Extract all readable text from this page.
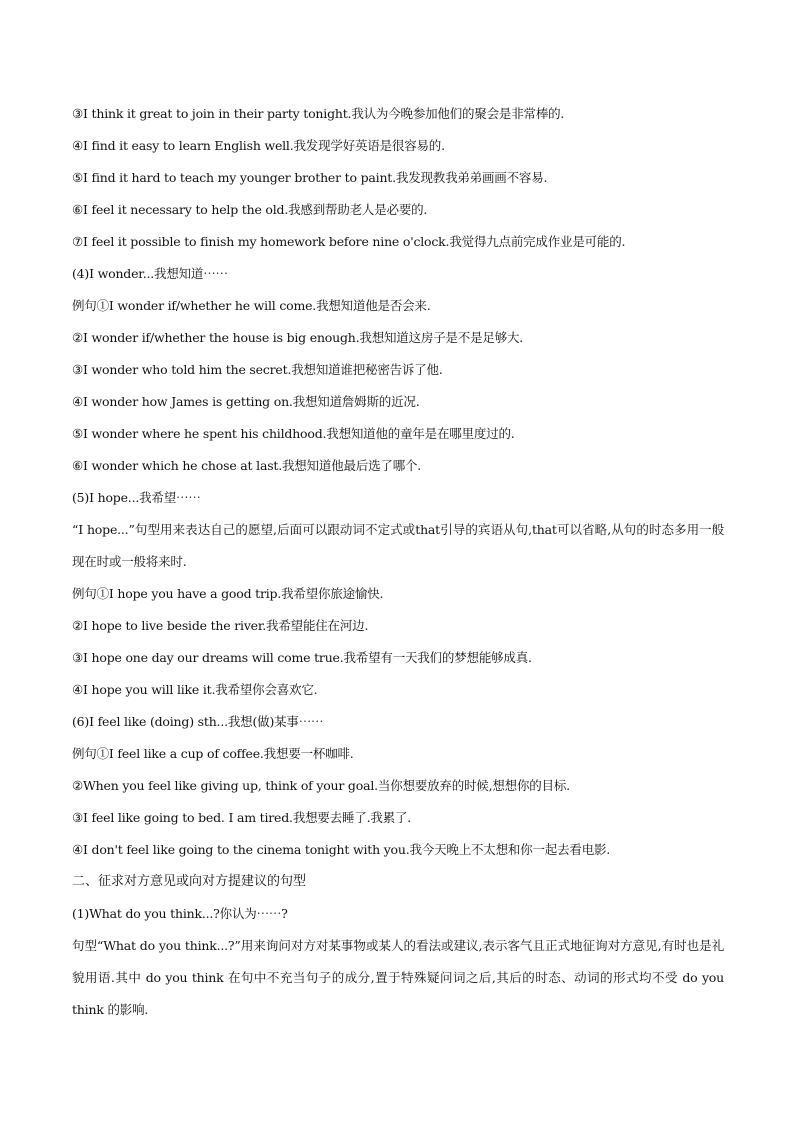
③I think it great to join in their party tonight.我认为今晚参加他们的聚会是非常棒的.
④I find it easy to learn English well.我发现学好英语是很容易的.
⑤I find it hard to teach my younger brother to paint.我发现教我弟弟画画不容易.
⑥I feel it necessary to help the old.我感到帮助老人是必要的.
⑦I feel it possible to finish my homework before nine o'clock.我觉得九点前完成作业是可能的.
(4)I wonder...我想知道⋯⋯
例句①I wonder if/whether he will come.我想知道他是否会来.
②I wonder if/whether the house is big enough.我想知道这房子是不是足够大.
③I wonder who told him the secret.我想知道谁把秘密告诉了他.
④I wonder how James is getting on.我想知道詹姆斯的近况.
⑤I wonder where he spent his childhood.我想知道他的童年是在哪里度过的.
⑥I wonder which he chose at last.我想知道他最后选了哪个.
(5)I hope...我希望⋯⋯
“I hope...”句型用来表达自己的愿望,后面可以跟动词不定式或that引导的宾语从句,that可以省略,从句的时态多用一般现在时或一般将来时.
例句①I hope you have a good trip.我希望你旅途愉快.
②I hope to live beside the river.我希望能住在河边.
③I hope one day our dreams will come true.我希望有一天我们的梦想能够成真.
④I hope you will like it.我希望你会喜欢它.
(6)I feel like (doing) sth...我想(做)某事⋯⋯
例句①I feel like a cup of coffee.我想要一杯咖啡.
②When you feel like giving up, think of your goal.当你想要放弃的时候,想想你的目标.
③I feel like going to bed. I am tired.我想要去睡了.我累了.
④I don't feel like going to the cinema tonight with you.我今天晚上不太想和你一起去看电影.
二、征求对方意见或向对方提建议的句型
(1)What do you think...?你认为⋯⋯?
句型“What do you think...?”用来询问对方对某事物或某人的看法或建议,表示客气且正式地征询对方意见,有时也是礼貌用语.其中 do you think 在句中不充当句子的成分,置于特殊疑问词之后,其后的时态、动词的形式均不受 do you think 的影响.
